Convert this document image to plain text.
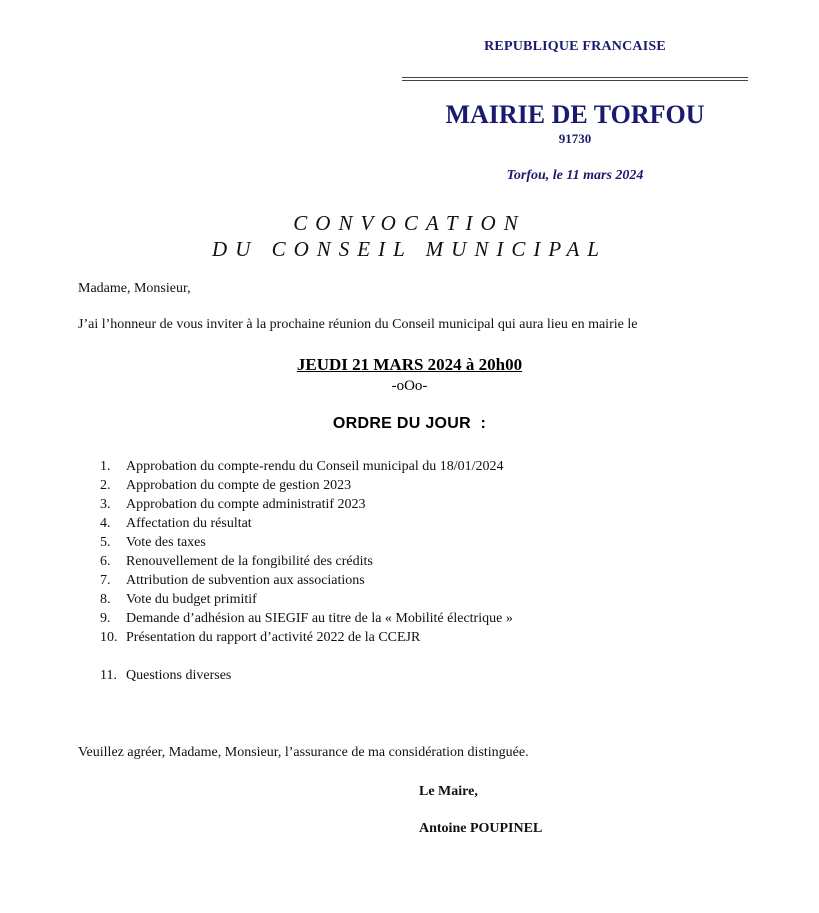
REPUBLIQUE FRANCAISE
MAIRIE DE TORFOU
91730
Torfou, le 11 mars 2024
CONVOCATION
DU CONSEIL MUNICIPAL
Madame, Monsieur,
J’ai l’honneur de vous inviter à la prochaine réunion du Conseil municipal qui aura lieu en mairie le
JEUDI 21 MARS 2024 à 20h00
-oOo-
ORDRE DU JOUR  :
1. Approbation du compte-rendu du Conseil municipal du 18/01/2024
2. Approbation du compte de gestion 2023
3. Approbation du compte administratif 2023
4. Affectation du résultat
5. Vote des taxes
6. Renouvellement de la fongibilité des crédits
7. Attribution de subvention aux associations
8. Vote du budget primitif
9. Demande d’adhésion au SIEGIF au titre de la « Mobilité électrique »
10. Présentation du rapport d’activité 2022 de la CCEJR
11. Questions diverses
Veuillez agréer, Madame, Monsieur, l’assurance de ma considération distinguée.
Le Maire,
Antoine POUPINEL
